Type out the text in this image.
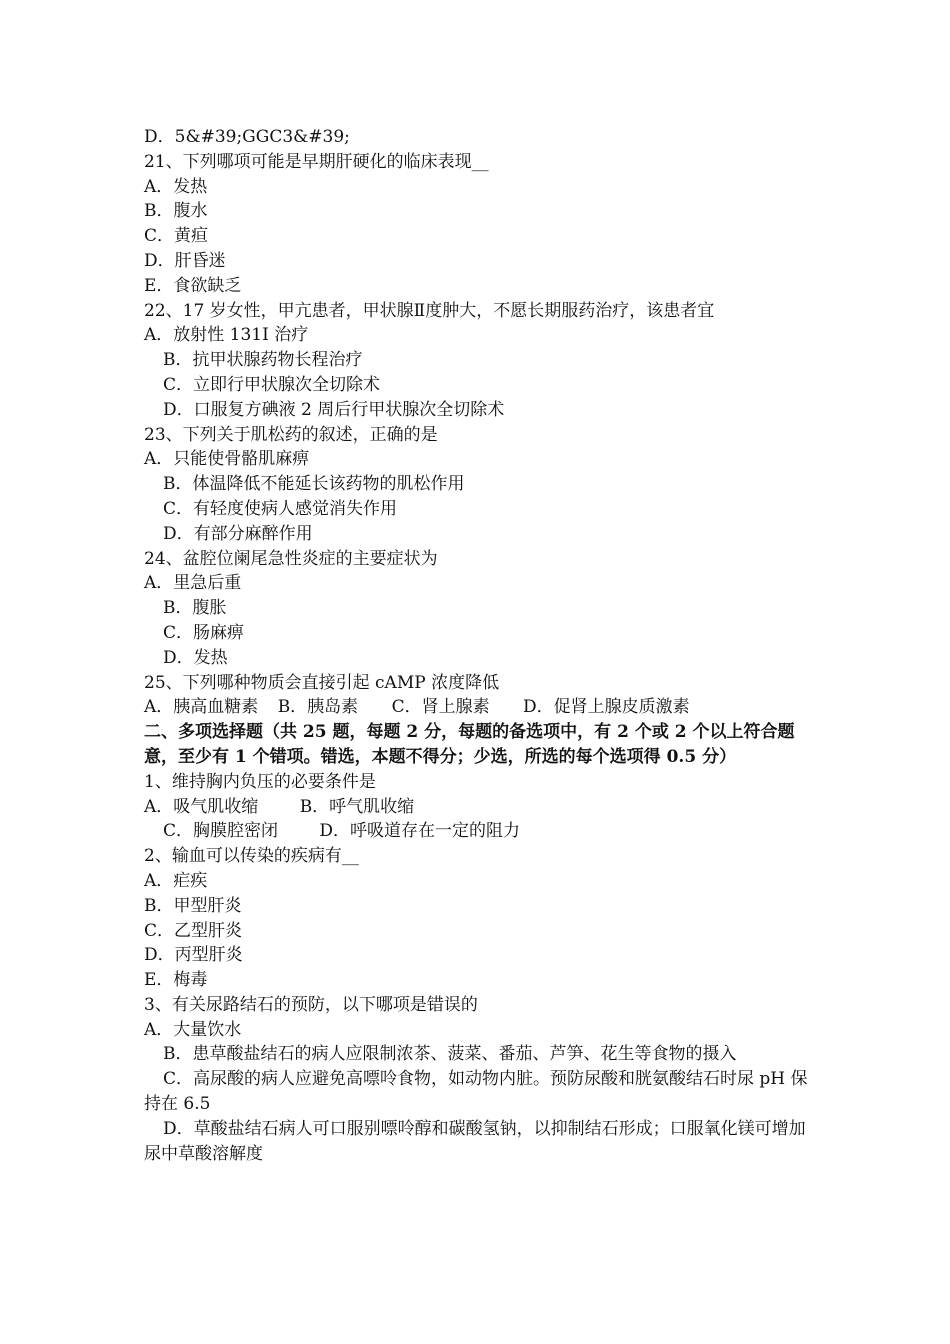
D．5&#39;GGC3&#39;
21、下列哪项可能是早期肝硬化的临床表现__
A．发热
B．腹水
C．黄疸
D．肝昏迷
E．食欲缺乏
22、17 岁女性，甲亢患者，甲状腺Ⅱ度肿大，不愿长期服药治疗，该患者宜
A．放射性 131I 治疗
B．抗甲状腺药物长程治疗
C．立即行甲状腺次全切除术
D．口服复方碘液 2 周后行甲状腺次全切除术
23、下列关于肌松药的叙述，正确的是
A．只能使骨骼肌麻痹
B．体温降低不能延长该药物的肌松作用
C．有轻度使病人感觉消失作用
D．有部分麻醉作用
24、盆腔位阑尾急性炎症的主要症状为
A．里急后重
B．腹胀
C．肠麻痹
D．发热
25、下列哪种物质会直接引起 cAMP 浓度降低
A．胰高血糖素 B．胰岛素 C．肾上腺素 D．促肾上腺皮质激素
二、多项选择题（共 25 题，每题 2 分，每题的备选项中，有 2 个或 2 个以上符合题意，至少有 1 个错项。错选，本题不得分；少选，所选的每个选项得 0.5 分）
1、维持胸内负压的必要条件是
A．吸气肌收缩 B．呼气肌收缩
C．胸膜腔密闭 D．呼吸道存在一定的阻力
2、输血可以传染的疾病有__
A．疟疾
B．甲型肝炎
C．乙型肝炎
D．丙型肝炎
E．梅毒
3、有关尿路结石的预防，以下哪项是错误的
A．大量饮水
B．患草酸盐结石的病人应限制浓茶、菠菜、番茄、芦笋、花生等食物的摄入
C．高尿酸的病人应避免高嘌呤食物，如动物内脏。预防尿酸和胱氨酸结石时尿 pH 保持在 6.5
D．草酸盐结石病人可口服别嘌呤醇和碳酸氢钠，以抑制结石形成；口服氧化镁可增加尿中草酸溶解度
